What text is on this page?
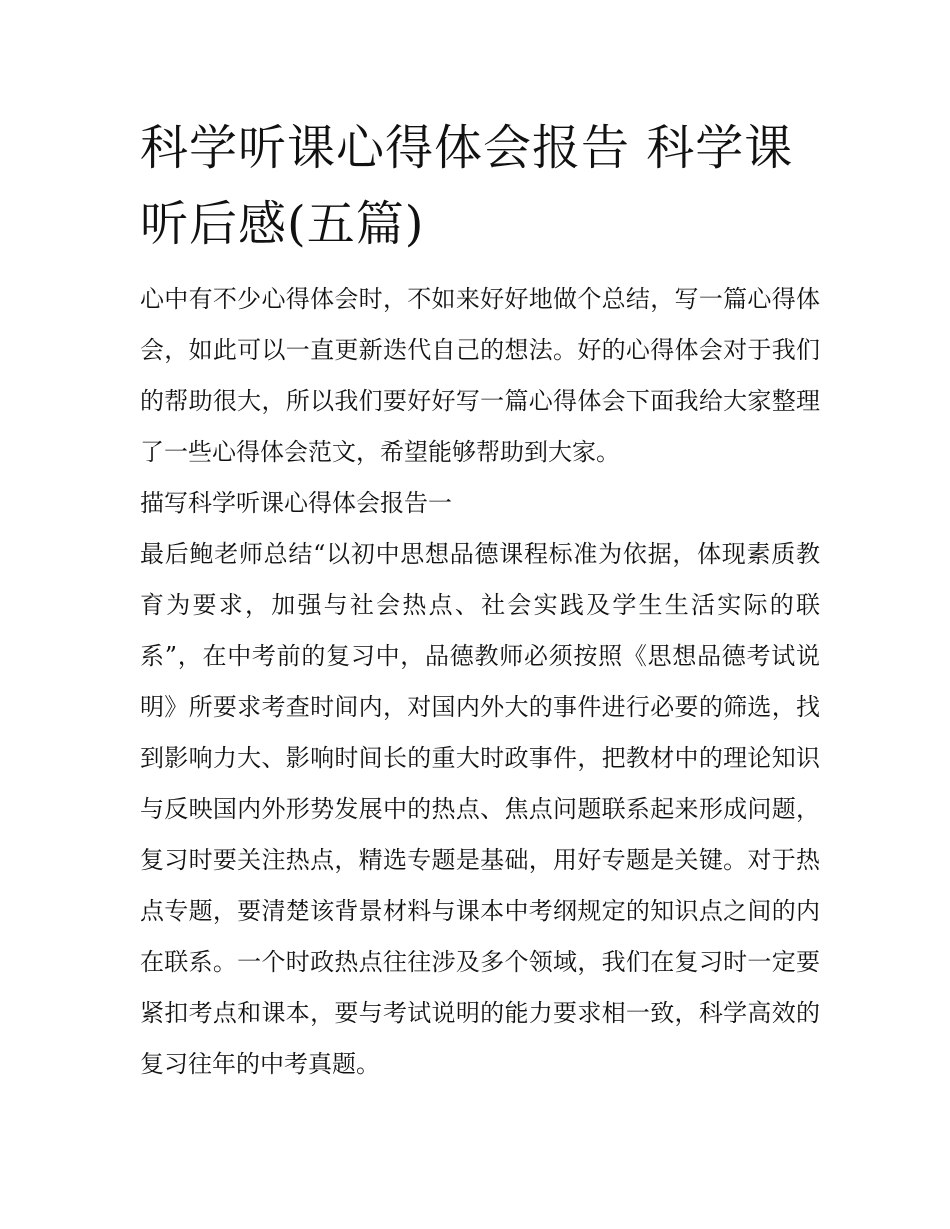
科学听课心得体会报告 科学课听后感(五篇)

心中有不少心得体会时，不如来好好地做个总结，写一篇心得体会，如此可以一直更新迭代自己的想法。好的心得体会对于我们的帮助很大，所以我们要好好写一篇心得体会下面我给大家整理了一些心得体会范文，希望能够帮助到大家。

描写科学听课心得体会报告一

最后鲍老师总结“以初中思想品德课程标准为依据，体现素质教育为要求，加强与社会热点、社会实践及学生生活实际的联系”，在中考前的复习中，品德教师必须按照《思想品德考试说明》所要求考查时间内，对国内外大的事件进行必要的筛选，找到影响力大、影响时间长的重大时政事件，把教材中的理论知识与反映国内外形势发展中的热点、焦点问题联系起来形成问题，复习时要关注热点，精选专题是基础，用好专题是关键。对于热点专题，要清楚该背景材料与课本中考纲规定的知识点之间的内在联系。一个时政热点往往涉及多个领域，我们在复习时一定要紧扣考点和课本，要与考试说明的能力要求相一致，科学高效的复习往年的中考真题。
